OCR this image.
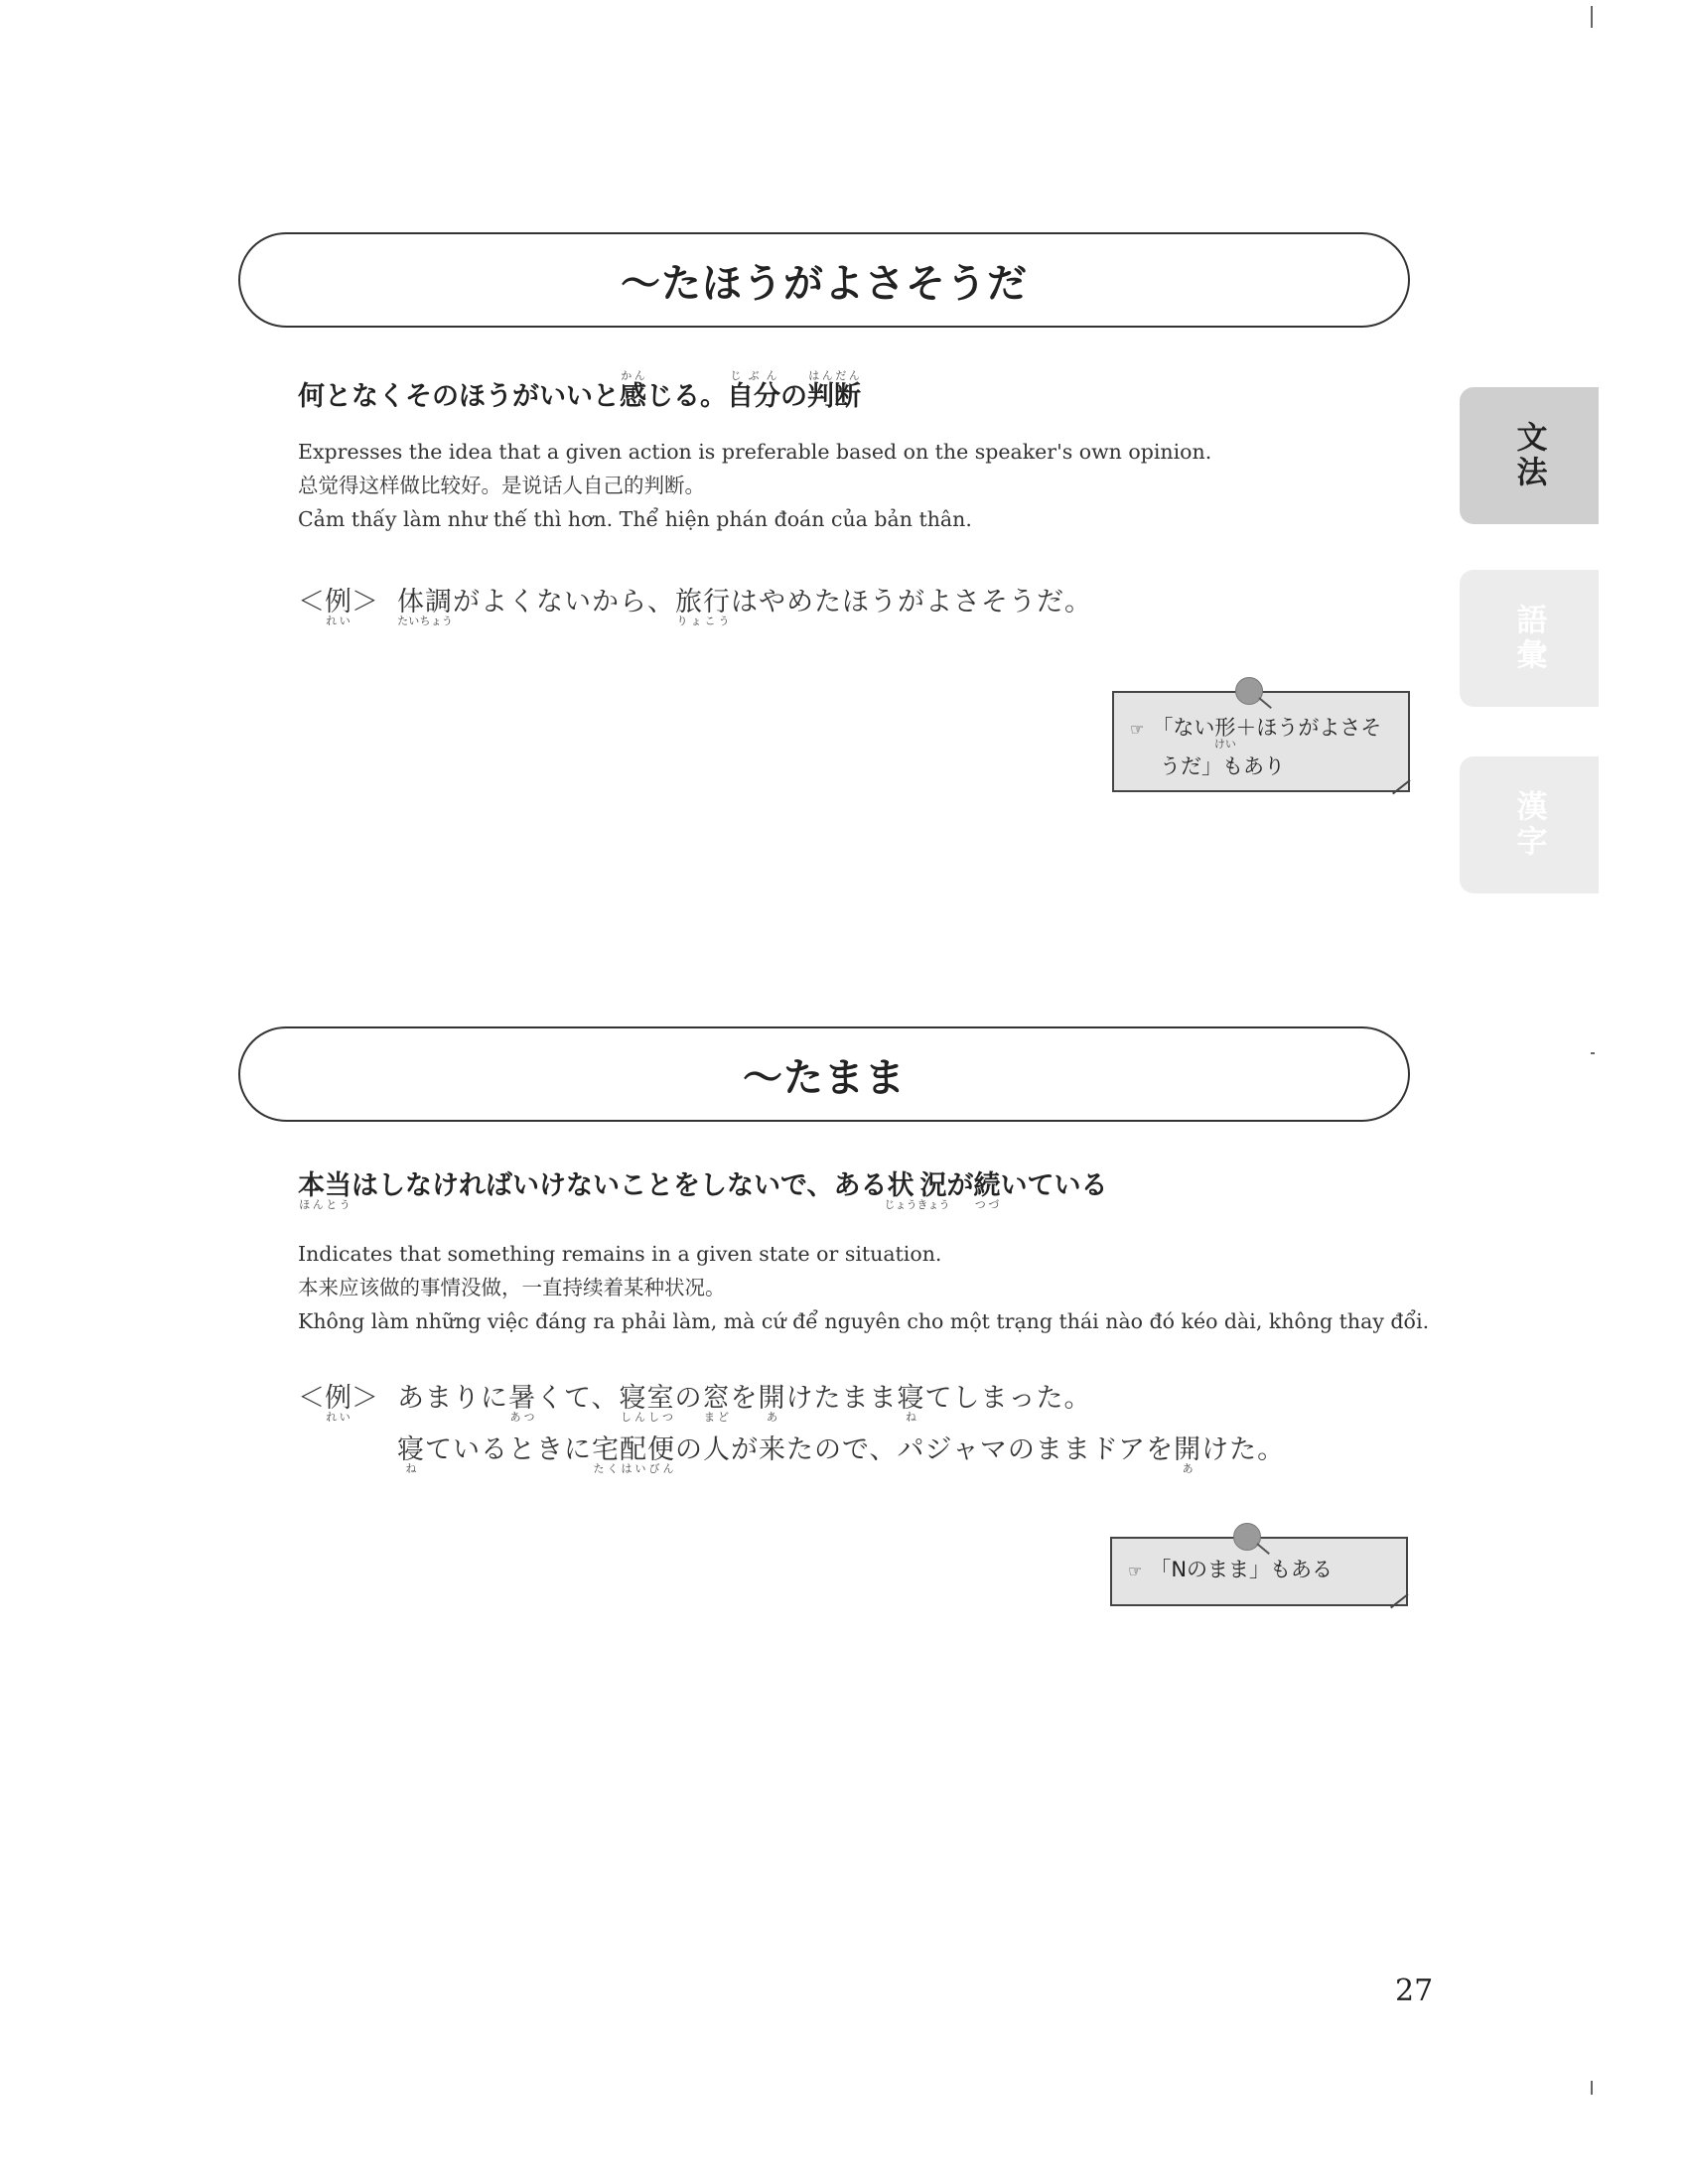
～たほうがよさそうだ
何となくそのほうがいいと感かんじる。自分じぶんの判断はんだん
Expresses the idea that a given action is preferable based on the speaker's own opinion.
总觉得这样做比较好。是说话人自己的判断。
Cảm thấy làm như thế thì hơn. Thể hiện phán đoán của bản thân.
＜例れい＞ 体調たいちょうがよくないから、旅行りょこうはやめたほうがよさそうだ。
☞ 「ない形けい＋ほうがよさそ
うだ」もあり
～たまま
本当ほんとうはしなければいけないことをしないで、ある状況じょうきょうが続つづいている
Indicates that something remains in a given state or situation.
本来应该做的事情没做，一直持续着某种状况。
Không làm những việc đáng ra phải làm, mà cứ để nguyên cho một trạng thái nào đó kéo dài, không thay đổi.
＜例れい＞ あまりに暑あつくて、寝室しんしつの窓まどを開あけたまま寝ねてしまった。
寝ねているときに宅配便たくはいびんの人が来たので、パジャマのままドアを開あけた。
☞ 「Nのまま」もある
文法
語彙
漢字
27
